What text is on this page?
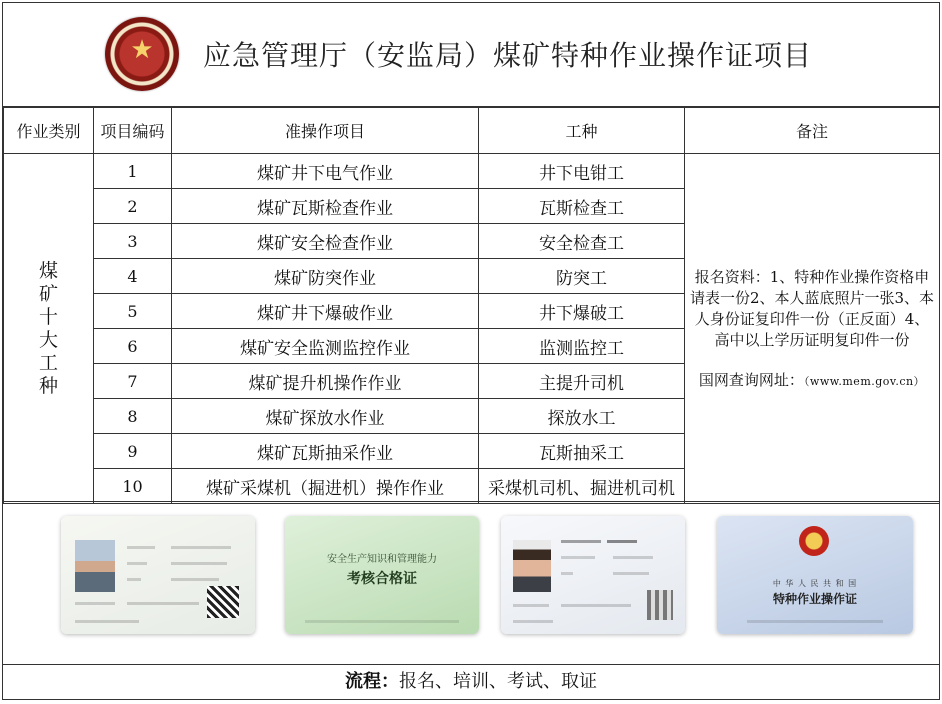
★	应急管理厅（安监局）煤矿特种作业操作证项目
作业类别	项目编码	准操作项目	工种	备注
煤矿十大工种	1	煤矿井下电气作业	井下电钳工	报名资料：1、特种作业操作资格申请表一份2、本人蓝底照片一张3、本人身份证复印件一份（正反面）4、高中以上学历证明复印件一份
国网查询网址：（www.mem.gov.cn）

	2	煤矿瓦斯检查作业	瓦斯检查工	
	3	煤矿安全检查作业	安全检查工	
	4	煤矿防突作业	防突工	
	5	煤矿井下爆破作业	井下爆破工	
	6	煤矿安全监测监控作业	监测监控工	
	7	煤矿提升机操作作业	主提升司机	
	8	煤矿探放水作业	探放水工	
	9	煤矿瓦斯抽采作业	瓦斯抽采工	
	10	煤矿采煤机（掘进机）操作作业	采煤机司机、掘进机司机	
安全生产知识和管理能力
考核合格证	中 华 人 民 共 和 国
特种作业操作证
流程：报名、培训、考试、取证
